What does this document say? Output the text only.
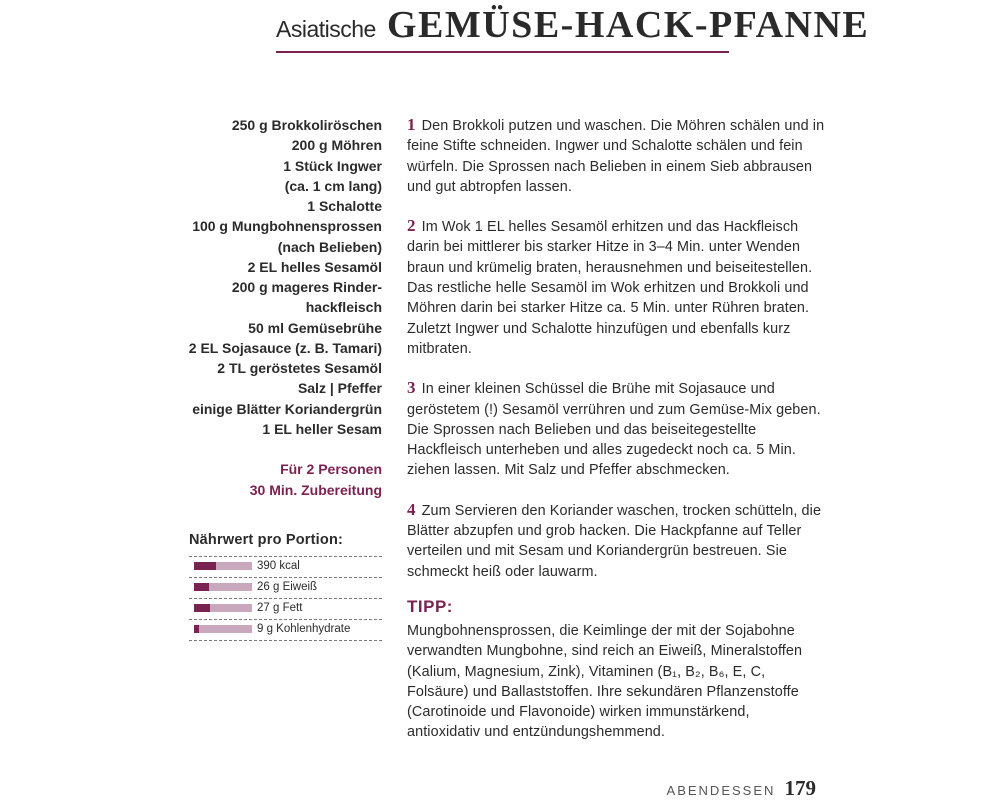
Asiatische GEMÜSE-HACK-PFANNE
250 g Brokkoliröschen
200 g Möhren
1 Stück Ingwer
(ca. 1 cm lang)
1 Schalotte
100 g Mungbohnensprossen
(nach Belieben)
2 EL helles Sesamöl
200 g mageres Rinder-
hackfleisch
50 ml Gemüsebrühe
2 EL Sojasauce (z. B. Tamari)
2 TL geröstetes Sesamöl
Salz | Pfeffer
einige Blätter Koriandergrün
1 EL heller Sesam
Für 2 Personen
30 Min. Zubereitung
Nährwert pro Portion:
390 kcal
26 g Eiweiß
27 g Fett
9 g Kohlenhydrate

1 Den Brokkoli putzen und waschen. Die Möhren schälen und in feine Stifte schneiden. Ingwer und Schalotte schälen und fein würfeln. Die Sprossen nach Belieben in einem Sieb abbrausen und gut abtropfen lassen.

2 Im Wok 1 EL helles Sesamöl erhitzen und das Hackfleisch darin bei mittlerer bis starker Hitze in 3–4 Min. unter Wenden braun und krümelig braten, herausnehmen und beiseitestellen. Das restliche helle Sesamöl im Wok erhitzen und Brokkoli und Möhren darin bei starker Hitze ca. 5 Min. unter Rühren braten. Zuletzt Ingwer und Schalotte hinzufügen und ebenfalls kurz mitbraten.

3 In einer kleinen Schüssel die Brühe mit Sojasauce und geröstetem (!) Sesamöl verrühren und zum Gemüse-Mix geben. Die Sprossen nach Belieben und das beiseitegestellte Hackfleisch unterheben und alles zugedeckt noch ca. 5 Min. ziehen lassen. Mit Salz und Pfeffer abschmecken.

4 Zum Servieren den Koriander waschen, trocken schütteln, die Blätter abzupfen und grob hacken. Die Hackpfanne auf Teller verteilen und mit Sesam und Koriandergrün bestreuen. Sie schmeckt heiß oder lauwarm.

TIPP:

Mungbohnensprossen, die Keimlinge der mit der Sojabohne verwandten Mungbohne, sind reich an Eiweiß, Mineralstoffen (Kalium, Magnesium, Zink), Vitaminen (B₁, B₂, B₆, E, C, Folsäure) und Ballaststoffen. Ihre sekundären Pflanzenstoffe (Carotinoide und Flavonoide) wirken immunstärkend, antioxidativ und entzündungshemmend.

ABENDESSEN 179
